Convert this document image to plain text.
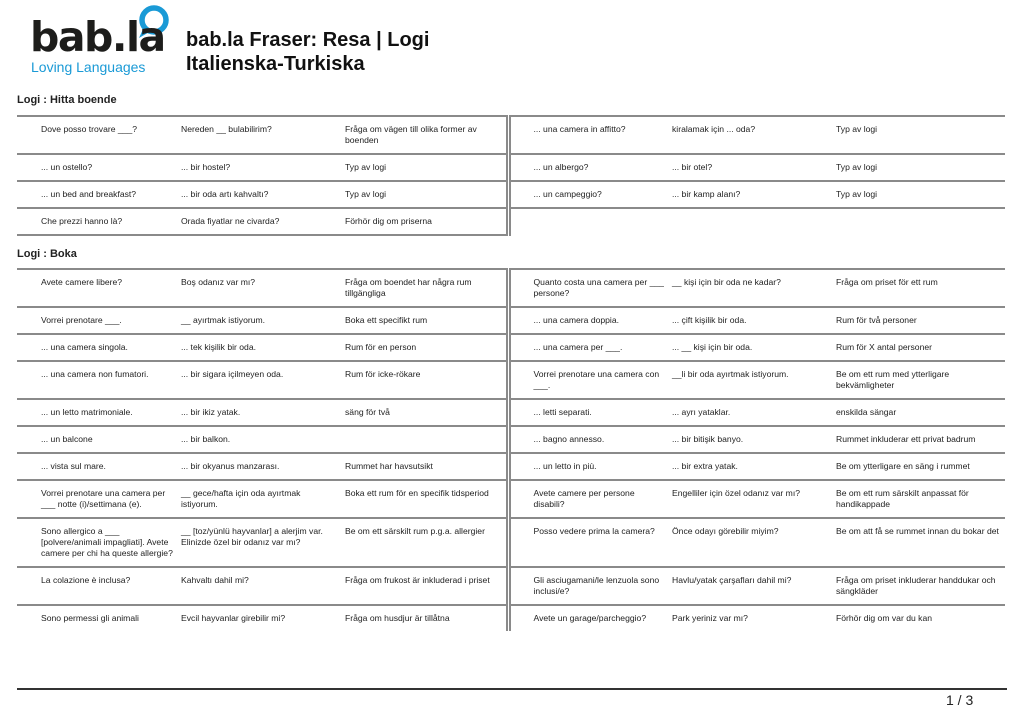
bab.la
Loving Languages
bab.la Fraser: Resa | Logi
Italienska-Turkiska
Logi : Hitta boende
Dove posso trovare ___?	Nereden __ bulabilirim?	Fråga om vägen till olika former av boenden	... una camera in affitto?	kiralamak için ... oda?	Typ av logi
... un ostello?	... bir hostel?	Typ av logi	... un albergo?	... bir otel?	Typ av logi
... un bed and breakfast?	... bir oda artı kahvaltı?	Typ av logi	... un campeggio?	... bir kamp alanı?	Typ av logi
Che prezzi hanno là?	Orada fiyatlar ne civarda?	Förhör dig om priserna			
Logi : Boka
Avete camere libere?	Boş odanız var mı?	Fråga om boendet har några rum tillgängliga	Quanto costa una camera per ___ persone?	__ kişi için bir oda ne kadar?	Fråga om priset för ett rum
Vorrei prenotare ___.	__ ayırtmak istiyorum.	Boka ett specifikt rum	... una camera doppia.	... çift kişilik bir oda.	Rum för två personer
... una camera singola.	... tek kişilik bir oda.	Rum för en person	... una camera per ___.	... __ kişi için bir oda.	Rum för X antal personer
... una camera non fumatori.	... bir sigara içilmeyen oda.	Rum för icke-rökare	Vorrei prenotare una camera con ___.	__li bir oda ayırtmak istiyorum.	Be om ett rum med ytterligare bekvämligheter
... un letto matrimoniale.	... bir ikiz yatak.	säng för två	... letti separati.	... ayrı yataklar.	enskilda sängar
... un balcone	... bir balkon.		... bagno annesso.	... bir bitişik banyo.	Rummet inkluderar ett privat badrum
... vista sul mare.	... bir okyanus manzarası.	Rummet har havsutsikt	... un letto in più.	... bir extra yatak.	Be om ytterligare en säng i rummet
Vorrei prenotare una camera per ___ notte (i)/settimana (e).	__ gece/hafta için oda ayırtmak istiyorum.	Boka ett rum för en specifik tidsperiod	Avete camere per persone disabili?	Engelliler için özel odanız var mı?	Be om ett rum särskilt anpassat för handikappade
Sono allergico a ___ [polvere/animali impagliati]. Avete camere per chi ha queste allergie?	__ [toz/yünlü hayvanlar] a alerjim var. Elinizde özel bir odanız var mı?	Be om ett särskilt rum p.g.a. allergier	Posso vedere prima la camera?	Önce odayı görebilir miyim?	Be om att få se rummet innan du bokar det
La colazione è inclusa?	Kahvaltı dahil mi?	Fråga om frukost är inkluderad i priset	Gli asciugamani/le lenzuola sono inclusi/e?	Havlu/yatak çarşafları dahil mi?	Fråga om priset inkluderar handdukar och sängkläder
Sono permessi gli animali	Evcil hayvanlar girebilir mi?	Fråga om husdjur är tillåtna	Avete un garage/parcheggio?	Park yeriniz var mı?	Förhör dig om var du kan
1 / 3
